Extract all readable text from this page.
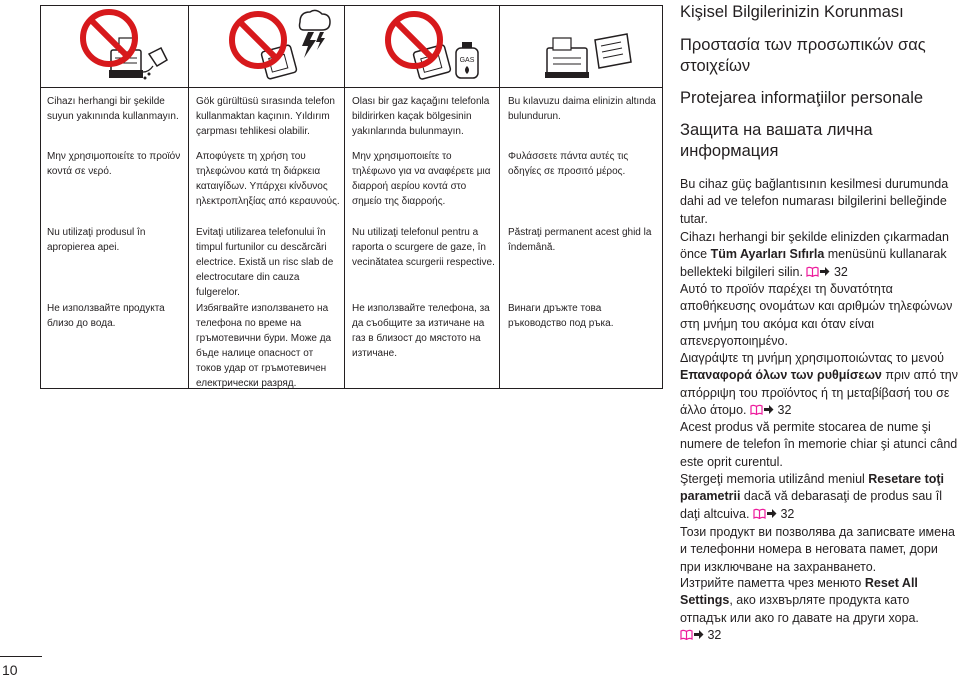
GAS
Cihazı herhangi bir şekilde suyun yakınında kullanmayın.
Μην χρησιμοποιείτε το προϊόν κοντά σε νερό.
Nu utilizaţi produsul în apropierea apei.
Не използвайте продукта близо до вода.
Gök gürültüsü sırasında telefon kullanmaktan kaçının. Yıldırım çarpması tehlikesi olabilir.
Αποφύγετε τη χρήση του τηλεφώνου κατά τη διάρκεια καταιγίδων. Υπάρχει κίνδυνος ηλεκτροπληξίας από κεραυνούς.
Evitaţi utilizarea telefonului în timpul furtunilor cu descărcări electrice. Există un risc slab de electrocutare din cauza fulgerelor.
Избягвайте използването на телефона по време на гръмотевични бури. Може да бъде налице опасност от токов удар от гръмотевичен електрически разряд.
Olası bir gaz kaçağını telefonla bildirirken kaçak bölgesinin yakınlarında bulunmayın.
Μην χρησιμοποιείτε το τηλέφωνο για να αναφέρετε μια διαρροή αερίου κοντά στο σημείο της διαρροής.
Nu utilizaţi telefonul pentru a raporta o scurgere de gaze, în vecinătatea scurgerii respective.
Не използвайте телефона, за да съобщите за изтичане на газ в близост до мястото на изтичане.
Bu kılavuzu daima elinizin altında bulundurun.
Φυλάσσετε πάντα αυτές τις οδηγίες σε προσιτό μέρος.
Păstraţi permanent acest ghid la îndemână.
Винаги дръжте това ръководство под ръка.
Kişisel Bilgilerinizin Korunması
Προστασία των προσωπικών σας στοιχείων
Protejarea informaţiilor personale
Защита на вашата лична информация
Bu cihaz güç bağlantısının kesilmesi durumunda dahi ad ve telefon numarası bilgilerini belleğinde tutar.
Cihazı herhangi bir şekilde elinizden çıkarmadan önce Tüm Ayarları Sıfırla menüsünü kullanarak bellekteki bilgileri silin.  32
Αυτό το προϊόν παρέχει τη δυνατότητα αποθήκευσης ονομάτων και αριθμών τηλεφώνων στη μνήμη του ακόμα και όταν είναι απενεργοποιημένο.
Διαγράψτε τη μνήμη χρησιμοποιώντας το μενού Επαναφορά όλων των ρυθμίσεων πριν από την απόρριψη του προϊόντος ή τη μεταβίβασή του σε άλλο άτομο.  32
Acest produs vă permite stocarea de nume şi numere de telefon în memorie chiar şi atunci când este oprit curentul.
Ştergeţi memoria utilizând meniul Resetare toţi parametrii dacă vă debarasaţi de produs sau îl daţi altcuiva.  32
Този продукт ви позволява да записвате имена и телефонни номера в неговата памет, дори при изключване на захранването.
Изтрийте паметта чрез менюто Reset All Settings, ако изхвърляте продукта като отпадък или ако го давате на други хора.  32
10
